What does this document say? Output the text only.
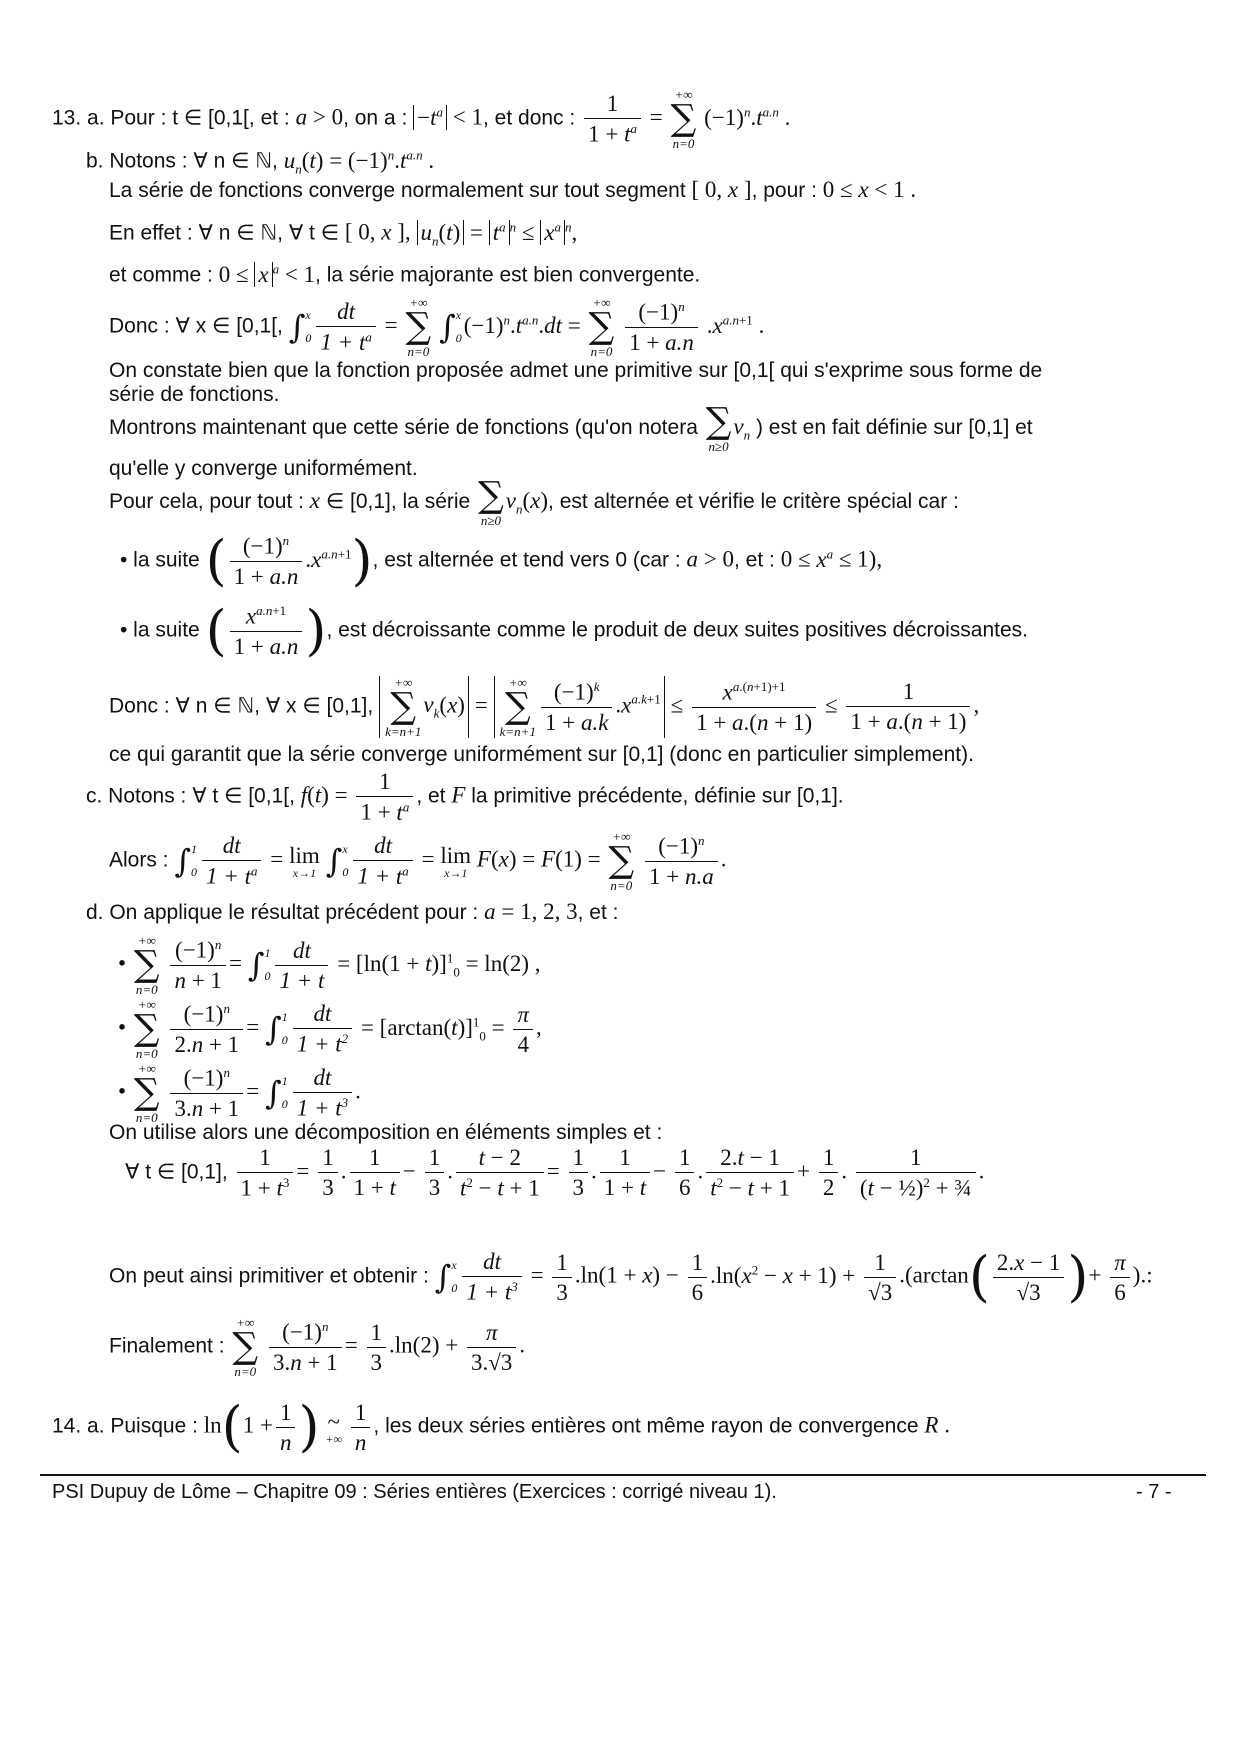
13. a. Pour : t ∈ [0,1[, et : a > 0, on a : $-t^a < 1$, et donc : $\frac{1}{1 + t^a}$ =
+∞
∑
n=0
$(-1)^n.t^{a.n}$ .
b. Notons : ∀ n ∈ ℕ, $u_n(t) = (-1)^n.t^{a.n}$ .
La série de fonctions converge normalement sur tout segment [ 0, x ], pour : 0 ≤ x < 1 .
En effet : ∀ n ∈ ℕ, ∀ t ∈ [ 0, x ], $u_n(t) = t^a$ $^n \le x^a$ $^n$,
et comme : 0 ≤ x $^a$ < 1, la série majorante est bien convergente.
Donc : ∀ x ∈ [0,1[, ∫x
$0 \frac{dt}{1 + t^a}$ =
+∞
∑
n=0
∫x
$0(-1)^n.t^{a.n}.dt$ =
+∞
∑
n=0
$\frac{(-1)^n}{1 + a.n} .x^{a.n+1}$ .
On constate bien que la fonction proposée admet une primitive sur [0,1[ qui s'exprime sous forme de
série de fonctions.
Montrons maintenant que cette série de fonctions (qu'on notera ∑
n≥0
$v_n$ ) est en fait définie sur [0,1] et
qu'elle y converge uniformément.
Pour cela, pour tout : x ∈ [0,1], la série ∑
n≥0
$v_n(x)$, est alternée et vérifie le critère spécial car :
• la suite ( $\frac{(-1)^n}{1 + a.n} .x^{a.n+1}$), est alternée et tend vers 0 (car : a > 0, et : $0 \le x^a \le 1$),
• la suite ( $\frac{x^{a.n+1}}{1 + a.n}$ ), est décroissante comme le produit de deux suites positives décroissantes.
Donc : ∀ n ∈ ℕ, ∀ x ∈ [0,1],
+∞
∑
k=n+1
$v_k(x)$ =
+∞
∑
$k=n+1 \frac{(-1)^k}{1 + a.k} .x^{a.k+1} \le \frac{x^{a.(n+1)+1}}{1 + a.(n + 1)} \le \frac{1}{1 + a.(n + 1)}$ ,
ce qui garantit que la série converge uniformément sur [0,1] (donc en particulier simplement).
c. Notons : ∀ t ∈ [0,1[, $f(t) = \frac{1}{1 + t^a}$ , et F la primitive précédente, définie sur [0,1].
Alors : ∫1
$0 \frac{dt}{1 + t^a} = \lim$
x→1 ∫x
$0 \frac{dt}{1 + t^a} = \lim$
x→1
F(x) = F(1) =
+∞
∑
n=0
$\frac{(-1)^n}{1 + n.a}$ .
d. On applique le résultat précédent pour : a = 1, 2, 3, et :
•
+∞
∑
n=0
$\frac{(-1)^n}{n + 1} = \int 1$
$0 \frac{dt}{1 + t} = [\ln(1 + t)]^1_0 = \ln(2)$ ,
•
+∞
∑
n=0
$\frac{(-1)^n}{2.n + 1} = \int 1$
$0 \frac{dt}{1 + t^2} = [\arctan(t)]^1_0 = \frac{\pi}{4}$ ,
•
+∞
∑
n=0
$\frac{(-1)^n}{3.n + 1} = \int 1$
$0 \frac{dt}{1 + t^3}$ .
On utilise alors une décomposition en éléments simples et :
∀ t ∈ [0,1], $\frac{1}{1 + t^3} = \frac{1}{3}$ . $\frac{1}{1 + t} - \frac{1}{3}$ . $\frac{t - 2}{t^2 - t + 1} = \frac{1}{3}$ . $\frac{1}{1 + t} - \frac{1}{6}$ . $\frac{2.t - 1}{t^2 - t + 1} + \frac{1}{2}$ . $\frac{1}{(t - \frac{1}{2})^2 + \frac{3}{4}}$ .
On peut ainsi primitiver et obtenir : ∫x
$0 \frac{dt}{1 + t^3} = \frac{1}{3} .\ln(1 + x) - \frac{1}{6} .\ln(x^2 - x + 1) + \frac{1}{√3} .(\arctan( \frac{2.x - 1}{√3}$ )+ $\frac{\pi}{6}$ ).:
Finalement :
+∞
∑
n=0
$\frac{(-1)^n}{3.n + 1} = \frac{1}{3} .\ln(2) + \frac{\pi}{3.√3}$ .
14. a. Puisque : $\ln(1 + \frac{1}{n}$ ) ~
+∞
$\frac{1}{n}$ , les deux séries entières ont même rayon de convergence R .
PSI Dupuy de Lôme – Chapitre 09 : Séries entières (Exercices : corrigé niveau 1).	- 7 -
